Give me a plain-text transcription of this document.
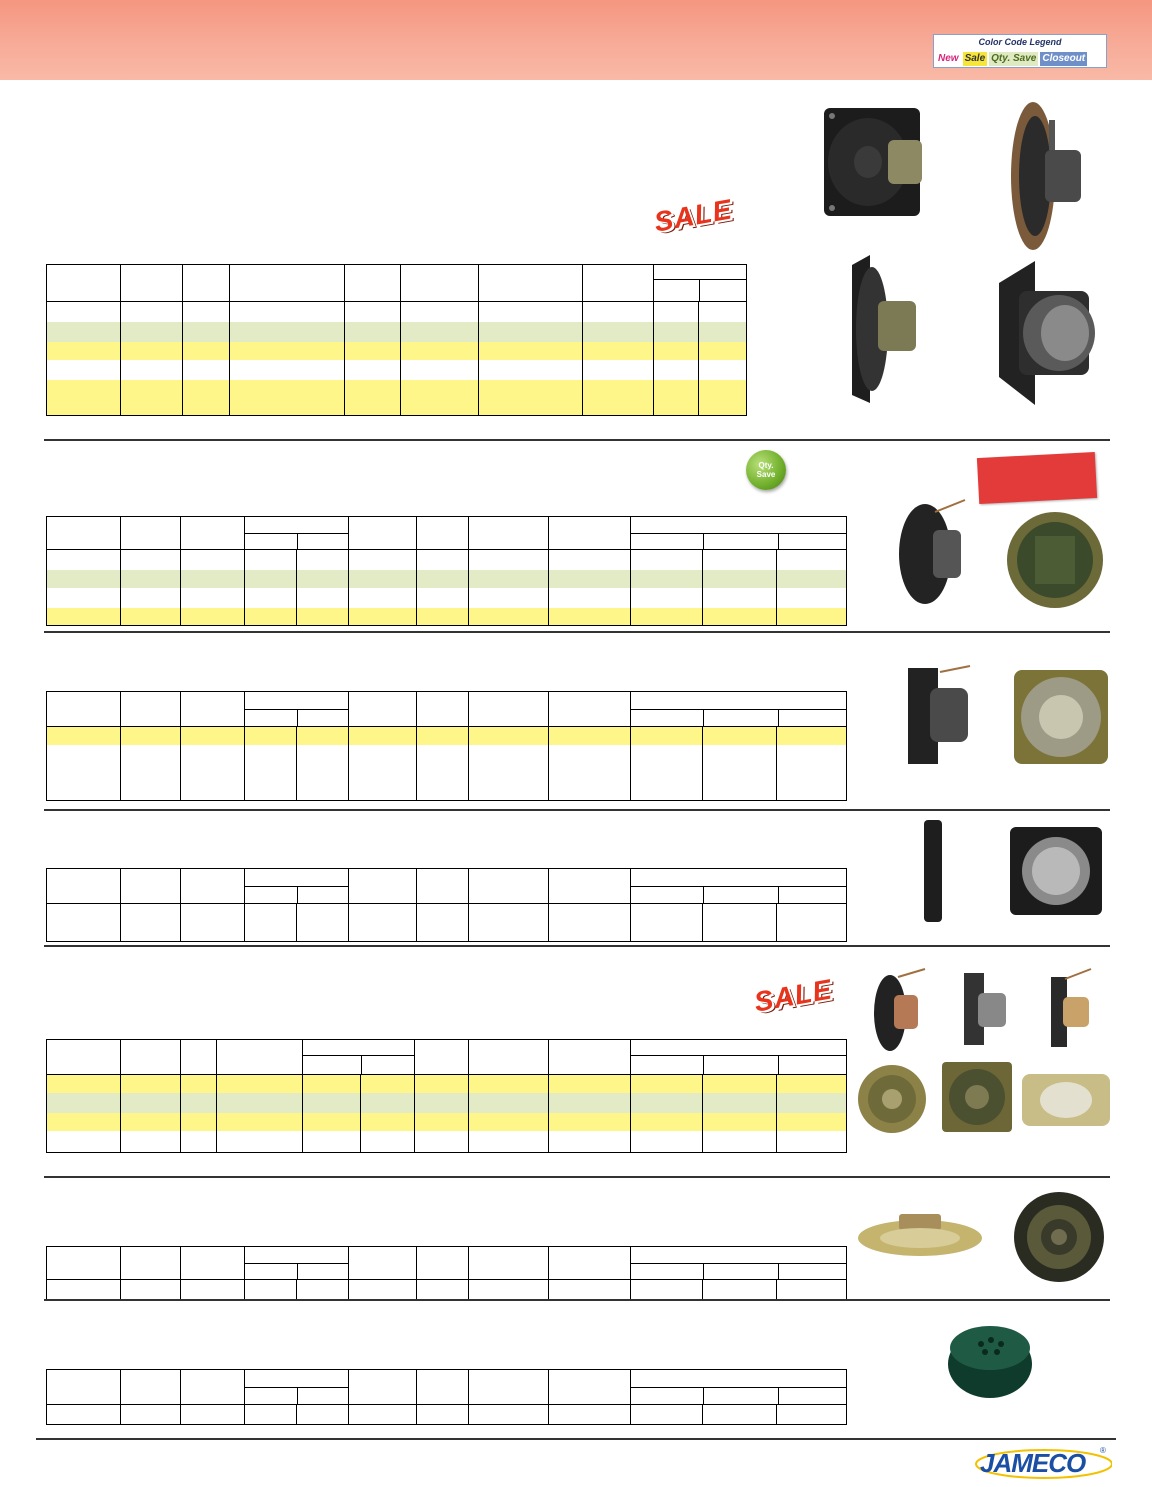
Color Code Legend
New Sale Qty. Save Closeout
SALE

Qty.
Save

SALE

JAMECO ®
